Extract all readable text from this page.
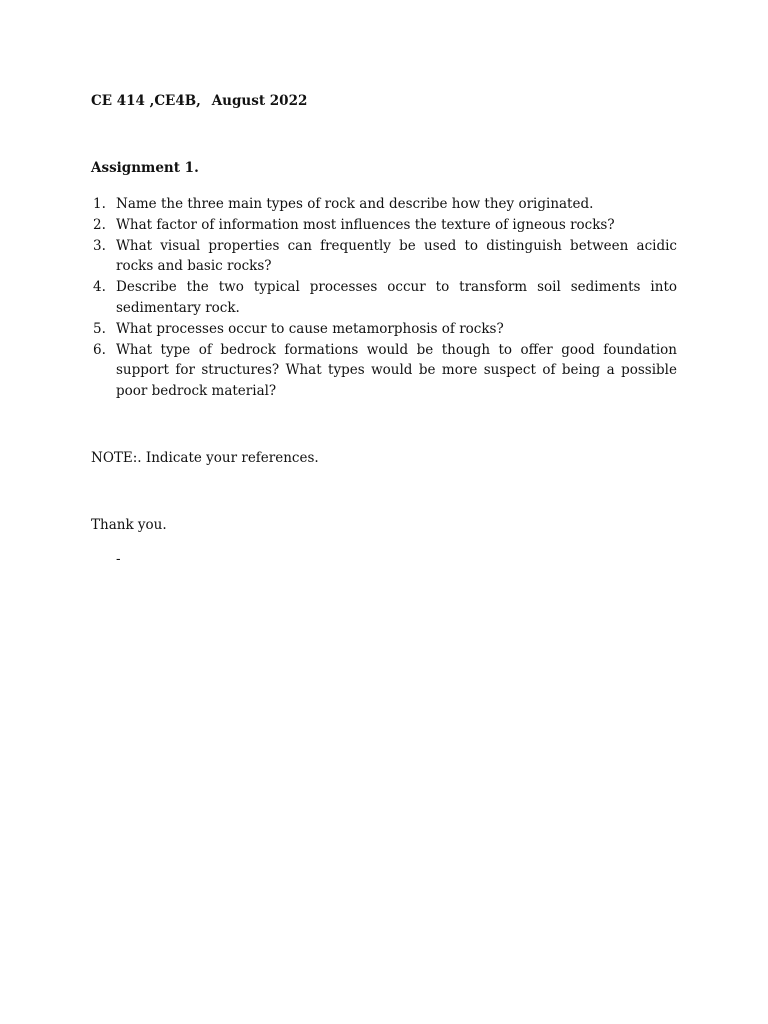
CE 414 ,CE4B, August 2022
Assignment 1.
1. Name the three main types of rock and describe how they originated.
2. What factor of information most influences the texture of igneous rocks?
3. What visual properties can frequently be used to distinguish between acidic rocks and basic rocks?
4. Describe the two typical processes occur to transform soil sediments into sedimentary rock.
5. What processes occur to cause metamorphosis of rocks?
6. What type of bedrock formations would be though to offer good foundation support for structures? What types would be more suspect of being a possible poor bedrock material?
NOTE:. Indicate your references.
Thank you.
-
